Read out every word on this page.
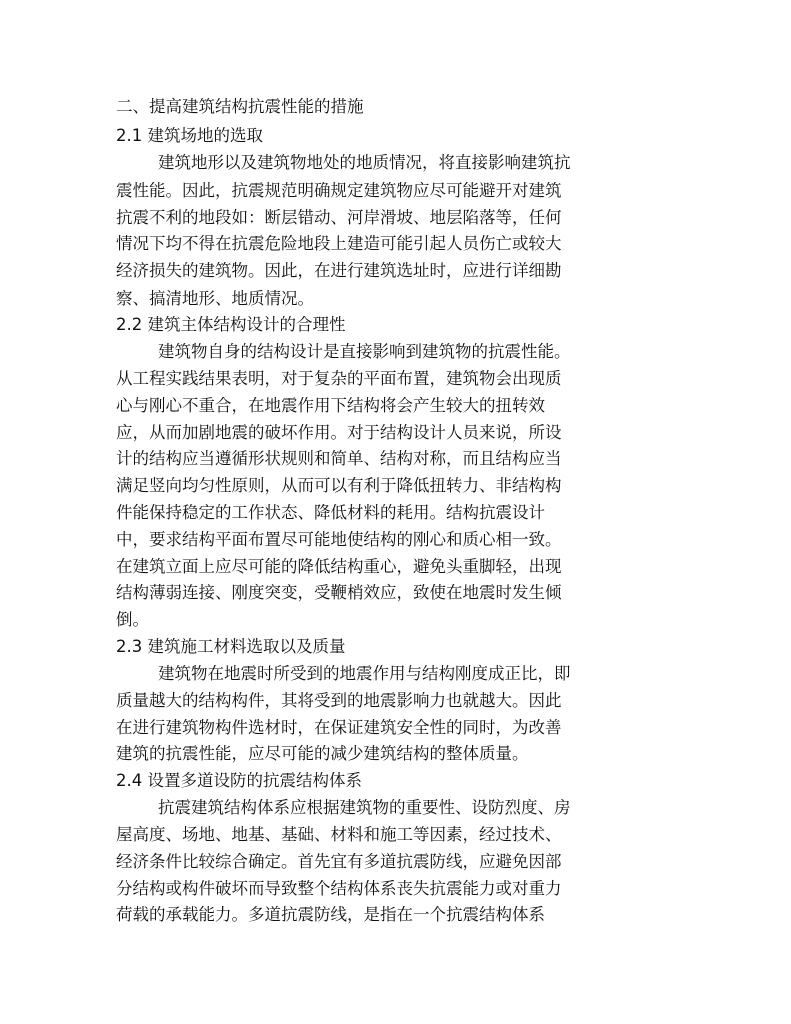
二、提高建筑结构抗震性能的措施
2.1 建筑场地的选取
建筑地形以及建筑物地处的地质情况，将直接影响建筑抗
震性能。因此，抗震规范明确规定建筑物应尽可能避开对建筑
抗震不利的地段如：断层错动、河岸滑坡、地层陷落等，任何
情况下均不得在抗震危险地段上建造可能引起人员伤亡或较大
经济损失的建筑物。因此，在进行建筑选址时，应进行详细勘
察、搞清地形、地质情况。
2.2 建筑主体结构设计的合理性
建筑物自身的结构设计是直接影响到建筑物的抗震性能。
从工程实践结果表明，对于复杂的平面布置，建筑物会出现质
心与刚心不重合，在地震作用下结构将会产生较大的扭转效
应，从而加剧地震的破坏作用。对于结构设计人员来说，所设
计的结构应当遵循形状规则和简单、结构对称，而且结构应当
满足竖向均匀性原则，从而可以有利于降低扭转力、非结构构
件能保持稳定的工作状态、降低材料的耗用。结构抗震设计
中，要求结构平面布置尽可能地使结构的刚心和质心相一致。
在建筑立面上应尽可能的降低结构重心，避免头重脚轻，出现
结构薄弱连接、刚度突变，受鞭梢效应，致使在地震时发生倾
倒。
2.3 建筑施工材料选取以及质量
建筑物在地震时所受到的地震作用与结构刚度成正比，即
质量越大的结构构件，其将受到的地震影响力也就越大。因此
在进行建筑物构件选材时，在保证建筑安全性的同时，为改善
建筑的抗震性能，应尽可能的减少建筑结构的整体质量。
2.4 设置多道设防的抗震结构体系
抗震建筑结构体系应根据建筑物的重要性、设防烈度、房
屋高度、场地、地基、基础、材料和施工等因素，经过技术、
经济条件比较综合确定。首先宜有多道抗震防线，应避免因部
分结构或构件破坏而导致整个结构体系丧失抗震能力或对重力
荷载的承载能力。多道抗震防线，是指在一个抗震结构体系
